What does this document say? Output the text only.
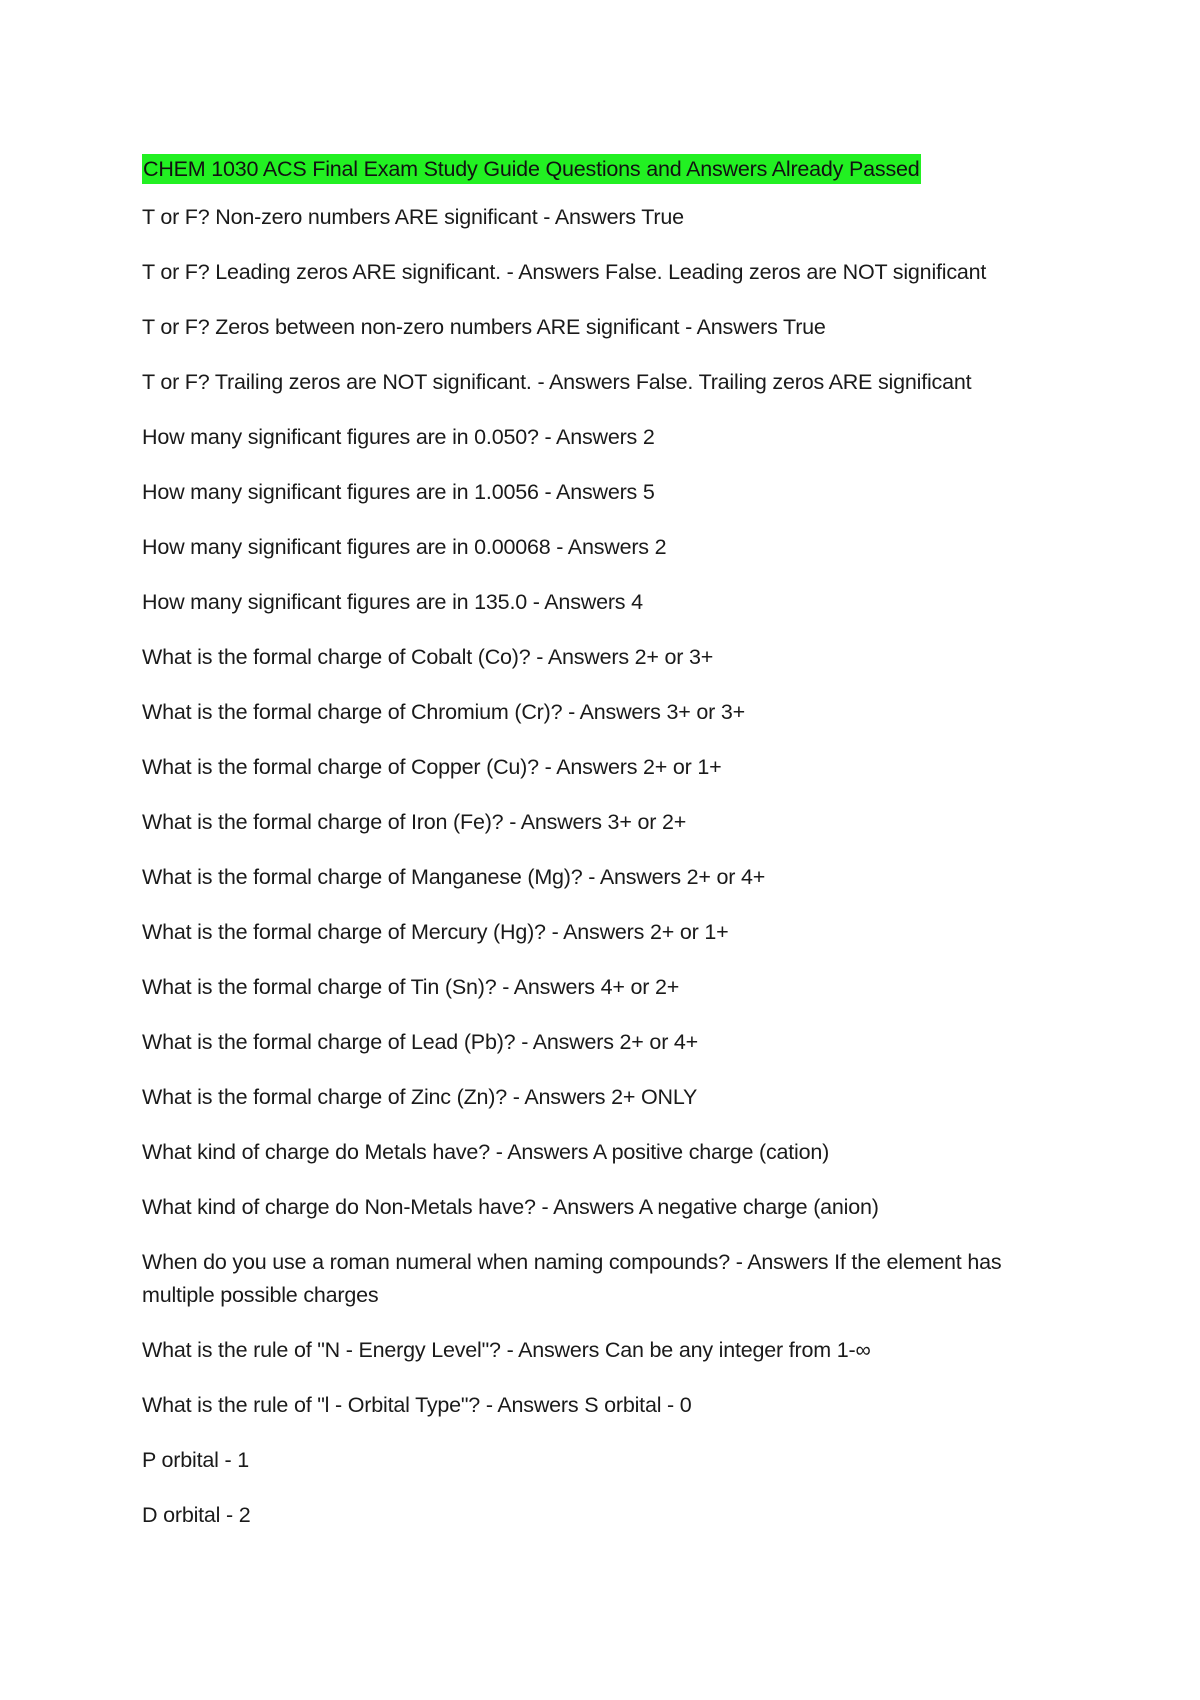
CHEM 1030 ACS Final Exam Study Guide Questions and Answers Already Passed
T or F? Non-zero numbers ARE significant - Answers True
T or F? Leading zeros ARE significant. - Answers False. Leading zeros are NOT significant
T or F? Zeros between non-zero numbers ARE significant - Answers True
T or F? Trailing zeros are NOT significant. - Answers False. Trailing zeros ARE significant
How many significant figures are in 0.050? - Answers 2
How many significant figures are in 1.0056 - Answers 5
How many significant figures are in 0.00068 - Answers 2
How many significant figures are in 135.0 - Answers 4
What is the formal charge of Cobalt (Co)? - Answers 2+ or 3+
What is the formal charge of Chromium (Cr)? - Answers 3+ or 3+
What is the formal charge of Copper (Cu)? - Answers 2+ or 1+
What is the formal charge of Iron (Fe)? - Answers 3+ or 2+
What is the formal charge of Manganese (Mg)? - Answers 2+ or 4+
What is the formal charge of Mercury (Hg)? - Answers 2+ or 1+
What is the formal charge of Tin (Sn)? - Answers 4+ or 2+
What is the formal charge of Lead (Pb)? - Answers 2+ or 4+
What is the formal charge of Zinc (Zn)? - Answers 2+ ONLY
What kind of charge do Metals have? - Answers A positive charge (cation)
What kind of charge do Non-Metals have? - Answers A negative charge (anion)
When do you use a roman numeral when naming compounds? - Answers If the element has multiple possible charges
What is the rule of "N - Energy Level"? - Answers Can be any integer from 1-∞
What is the rule of "l - Orbital Type"? - Answers S orbital - 0
P orbital - 1
D orbital - 2
